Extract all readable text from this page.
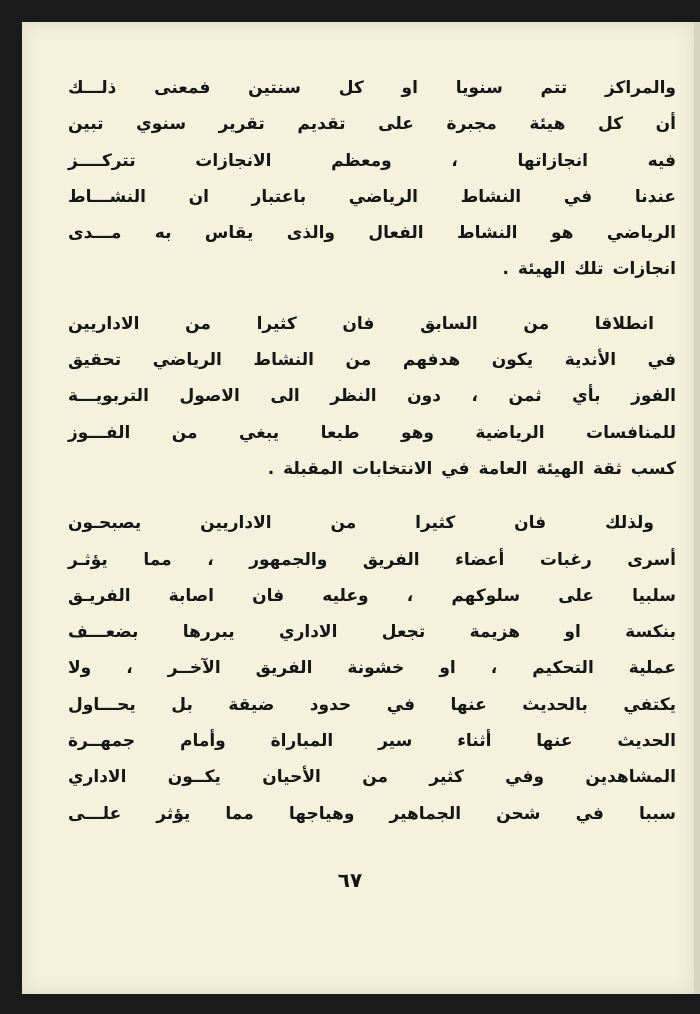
والمراكز تتم سنويا او كل سنتين فمعنى ذلـــك
أن كل هيئة مجبرة على تقديم تقرير سنوي تبين
فيه انجازاتها ، ومعظم الانجازات تتركــــز
عندنا في النشاط الرياضي باعتبار ان النشـــاط
الرياضي هو النشاط الفعال والذى يقاس به مـــدى
انجازات تلك الهيئة .

انطلاقا من السابق فان كثيرا من الاداريين
في الأندية يكون هدفهم من النشاط الرياضي تحقيق
الفوز بأي ثمن ، دون النظر الى الاصول التربويـــة
للمنافسات الرياضية وهو طبعا يبغي من الفـــوز
كسب ثقة الهيئة العامة في الانتخابات المقبلة .

ولذلك فان كثيرا من الاداريين يصبحـون
أسرى رغبات أعضاء الفريق والجمهور ، مما يؤثـر
سلبيا على سلوكهم ، وعليه فان اصابة الفريـق
بنكسة او هزيمة تجعل الاداري يبررها بضعـــف
عملية التحكيم ، او خشونة الفريق الآخــر ، ولا
يكتفي بالحديث عنها في حدود ضيقة بل يحـــاول
الحديث عنها أثناء سير المباراة وأمام جمهــرة
المشاهدين وفي كثير من الأحيان يكــون الاداري
سببا في شحن الجماهير وهياجها مما يؤثر علـــى

٦٧
